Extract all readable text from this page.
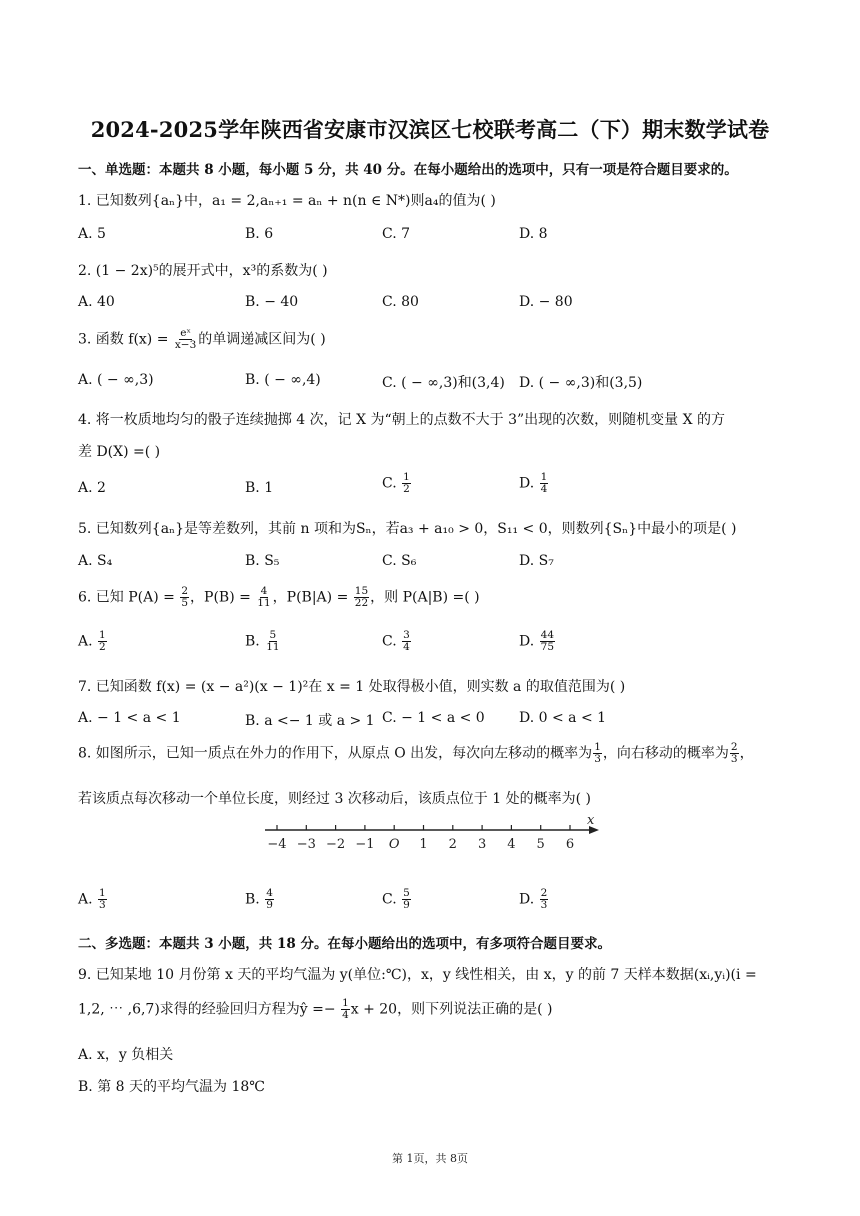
2024-2025学年陕西省安康市汉滨区七校联考高二（下）期末数学试卷
一、单选题：本题共 8 小题，每小题 5 分，共 40 分。在每小题给出的选项中，只有一项是符合题目要求的。
1. 已知数列{aₙ}中，a₁ = 2,aₙ₊₁ = aₙ + n(n ∈ N*)则a₄的值为( )
A. 5	B. 6	C. 7	D. 8
2. (1 − 2x)⁵的展开式中，x³的系数为( )
A. 40	B. − 40	C. 80	D. − 80
3. 函数 $f(x) = \frac{\text{eˣ}}{x-3}$ 的单调递减区间为( )
A. ( − ∞,3)	B. ( − ∞,4)	C. ( − ∞,3)和(3,4) D. ( − ∞,3)和(3,5)
4. 将一枚质地均匀的骰子连续抛掷 4 次，记 X 为“朝上的点数不大于 3”出现的次数，则随机变量 X 的方
差 D(X) =( )
A. 2	B. 1	C. $\frac{1}{2}$	D. $\frac{1}{4}$
5. 已知数列{aₙ}是等差数列，其前 n 项和为Sₙ，若a₃ + a₁₀ > 0，S₁₁ < 0，则数列{Sₙ}中最小的项是( )
A. S₄	B. S₅	C. S₆	D. S₇
6. 已知 $P(A) = \frac{2}{5}$ ，$P(B) = \frac{4}{11}$ ，$P(B|A) = \frac{15}{22}$ ，则 P(A|B) =( )
A. $\frac{1}{2}$	B. $\frac{5}{11}$	C. $\frac{3}{4}$	D. $\frac{44}{75}$
7. 已知函数 f(x) = (x − a²)(x − 1)²在 x = 1 处取得极小值，则实数 a 的取值范围为( )
A. − 1 < a < 1	B. a <− 1 或 a > 1 C. − 1 < a < 0 D. 0 < a < 1
8. 如图所示，已知一质点在外力的作用下，从原点 O 出发，每次向左移动的概率为 $\frac{1}{3}$ ，向右移动的概率为 $\frac{2}{3}$ ，
若该质点每次移动一个单位长度，则经过 3 次移动后，该质点位于 1 处的概率为( )
x
−4 −3 −2 −1 O 1 2 3 4 5 6
A. $\frac{1}{3}$	B. $\frac{4}{9}$	C. $\frac{5}{9}$	D. $\frac{2}{3}$
二、多选题：本题共 3 小题，共 18 分。在每小题给出的选项中，有多项符合题目要求。
9. 已知某地 10 月份第 x 天的平均气温为 y(单位:℃)，x，y 线性相关，由 x，y 的前 7 天样本数据(xᵢ,yᵢ)(i =
1,2, ⋯ ,6,7)求得的经验回归方程为ŷ =− $\frac{1}{4}$ x + 20，则下列说法正确的是( )
A. x，y 负相关
B. 第 8 天的平均气温为 18℃
第 1页，共 8页
